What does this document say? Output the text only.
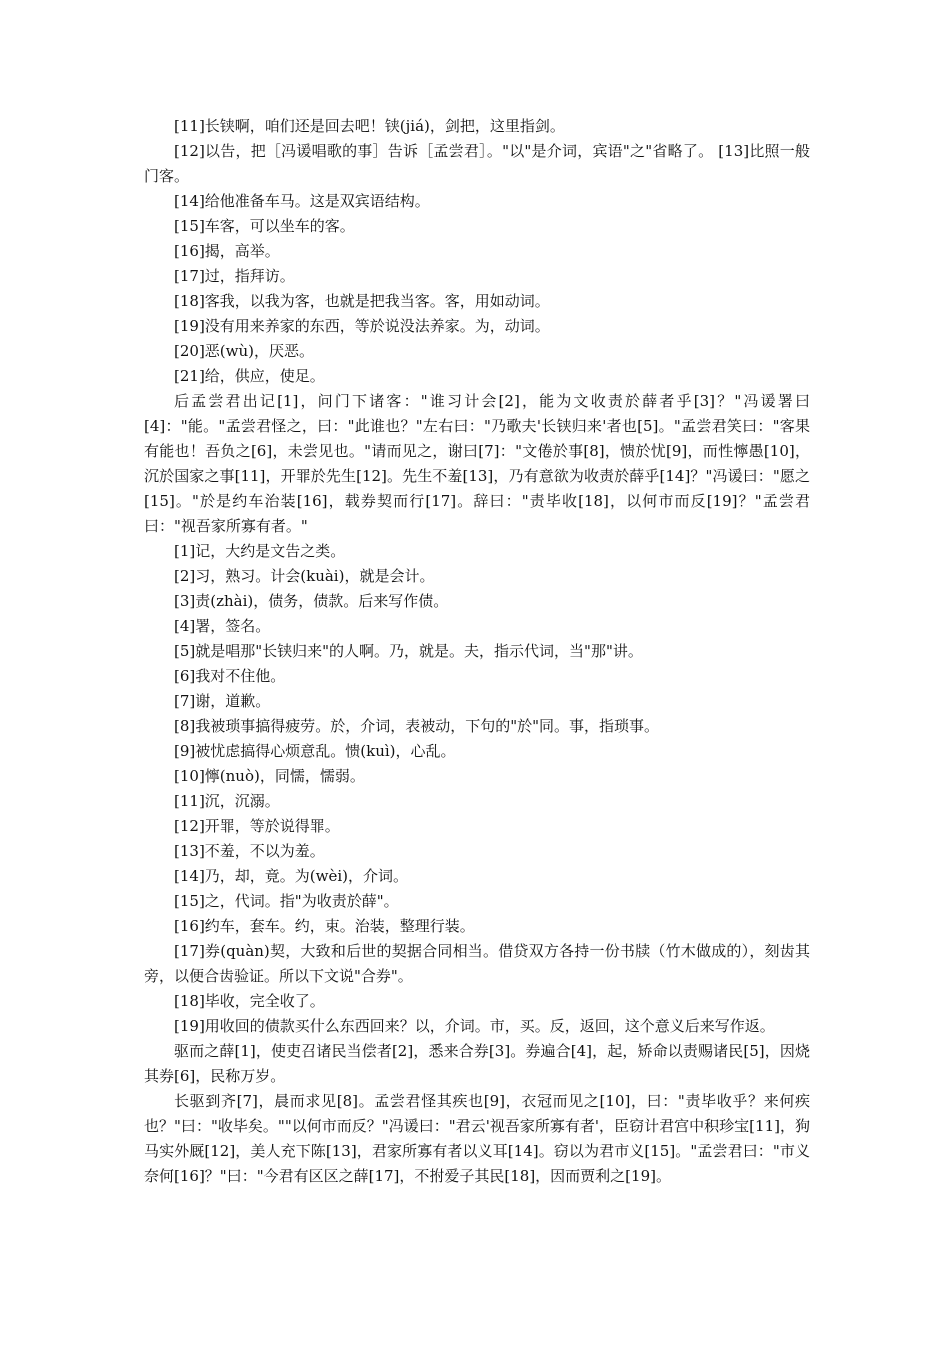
[11]长铗啊，咱们还是回去吧！铗(jiá)，剑把，这里指剑。

[12]以告，把［冯谖唱歌的事］告诉［孟尝君］。"以"是介词，宾语"之"省略了。 [13]比照一般门客。

[14]给他准备车马。这是双宾语结构。

[15]车客，可以坐车的客。

[16]揭，高举。

[17]过，指拜访。

[18]客我，以我为客，也就是把我当客。客，用如动词。

[19]没有用来养家的东西，等於说没法养家。为，动词。

[20]恶(wù)，厌恶。

[21]给，供应，使足。

后孟尝君出记[1]，问门下诸客："谁习计会[2]，能为文收责於薛者乎[3]？"冯谖署曰[4]："能。"孟尝君怪之，曰："此谁也？"左右曰："乃歌夫'长铗归来'者也[5]。"孟尝君笑曰："客果有能也！吾负之[6]，未尝见也。"请而见之，谢曰[7]："文倦於事[8]，愦於忧[9]，而性懧愚[10]，沉於国家之事[11]，开罪於先生[12]。先生不羞[13]，乃有意欲为收责於薛乎[14]？"冯谖曰："愿之[15]。"於是约车治装[16]，载券契而行[17]。辞曰："责毕收[18]，以何市而反[19]？"孟尝君曰："视吾家所寡有者。"

[1]记，大约是文告之类。

[2]习，熟习。计会(kuài)，就是会计。

[3]责(zhài)，债务，债款。后来写作债。

[4]署，签名。

[5]就是唱那"长铗归来"的人啊。乃，就是。夫，指示代词，当"那"讲。

[6]我对不住他。

[7]谢，道歉。

[8]我被琐事搞得疲劳。於，介词，表被动，下句的"於"同。事，指琐事。

[9]被忧虑搞得心烦意乱。愦(kuì)，心乱。

[10]懧(nuò)，同懦，懦弱。

[11]沉，沉溺。

[12]开罪，等於说得罪。

[13]不羞，不以为羞。

[14]乃，却，竟。为(wèi)，介词。

[15]之，代词。指"为收责於薛"。

[16]约车，套车。约，束。治装，整理行装。

[17]券(quàn)契，大致和后世的契据合同相当。借贷双方各持一份书牍（竹木做成的），刻齿其旁，以便合齿验证。所以下文说"合券"。

[18]毕收，完全收了。

[19]用收回的债款买什么东西回来？以，介词。市，买。反，返回，这个意义后来写作返。

驱而之薛[1]，使吏召诸民当偿者[2]，悉来合券[3]。券遍合[4]，起，矫命以责赐诸民[5]，因烧其券[6]，民称万岁。

长驱到齐[7]，晨而求见[8]。孟尝君怪其疾也[9]，衣冠而见之[10]，曰："责毕收乎？来何疾也？"曰："收毕矣。""以何市而反？"冯谖曰："君云'视吾家所寡有者'，臣窃计君宫中积珍宝[11]，狗马实外厩[12]，美人充下陈[13]，君家所寡有者以义耳[14]。窃以为君市义[15]。"孟尝君曰："市义奈何[16]？"曰："今君有区区之薛[17]，不拊爱子其民[18]，因而贾利之[19]。
